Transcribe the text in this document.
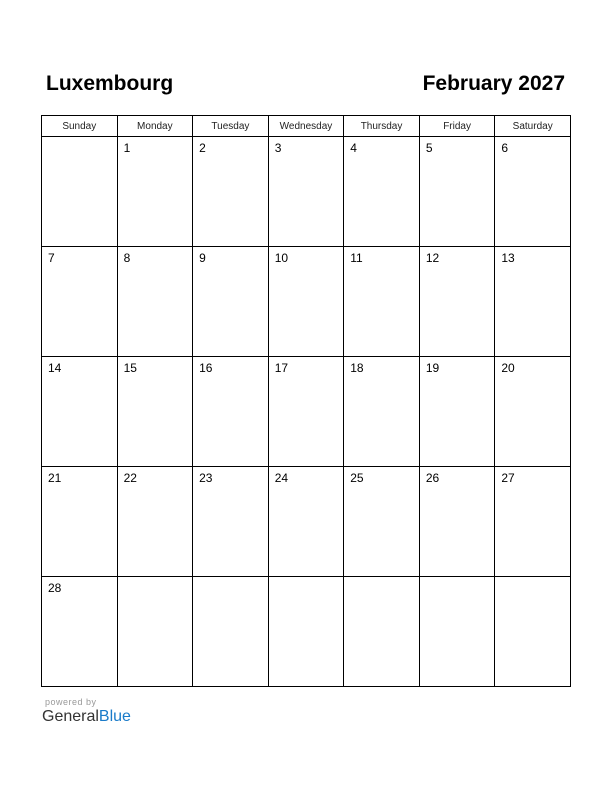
Luxembourg	February 2027
Sunday	Monday	Tuesday	Wednesday	Thursday	Friday	Saturday

	1	2	3	4	5	6

7	8	9	10	11	12	13

14	15	16	17	18	19	20

21	22	23	24	25	26	27

28						

powered by
GeneralBlue
